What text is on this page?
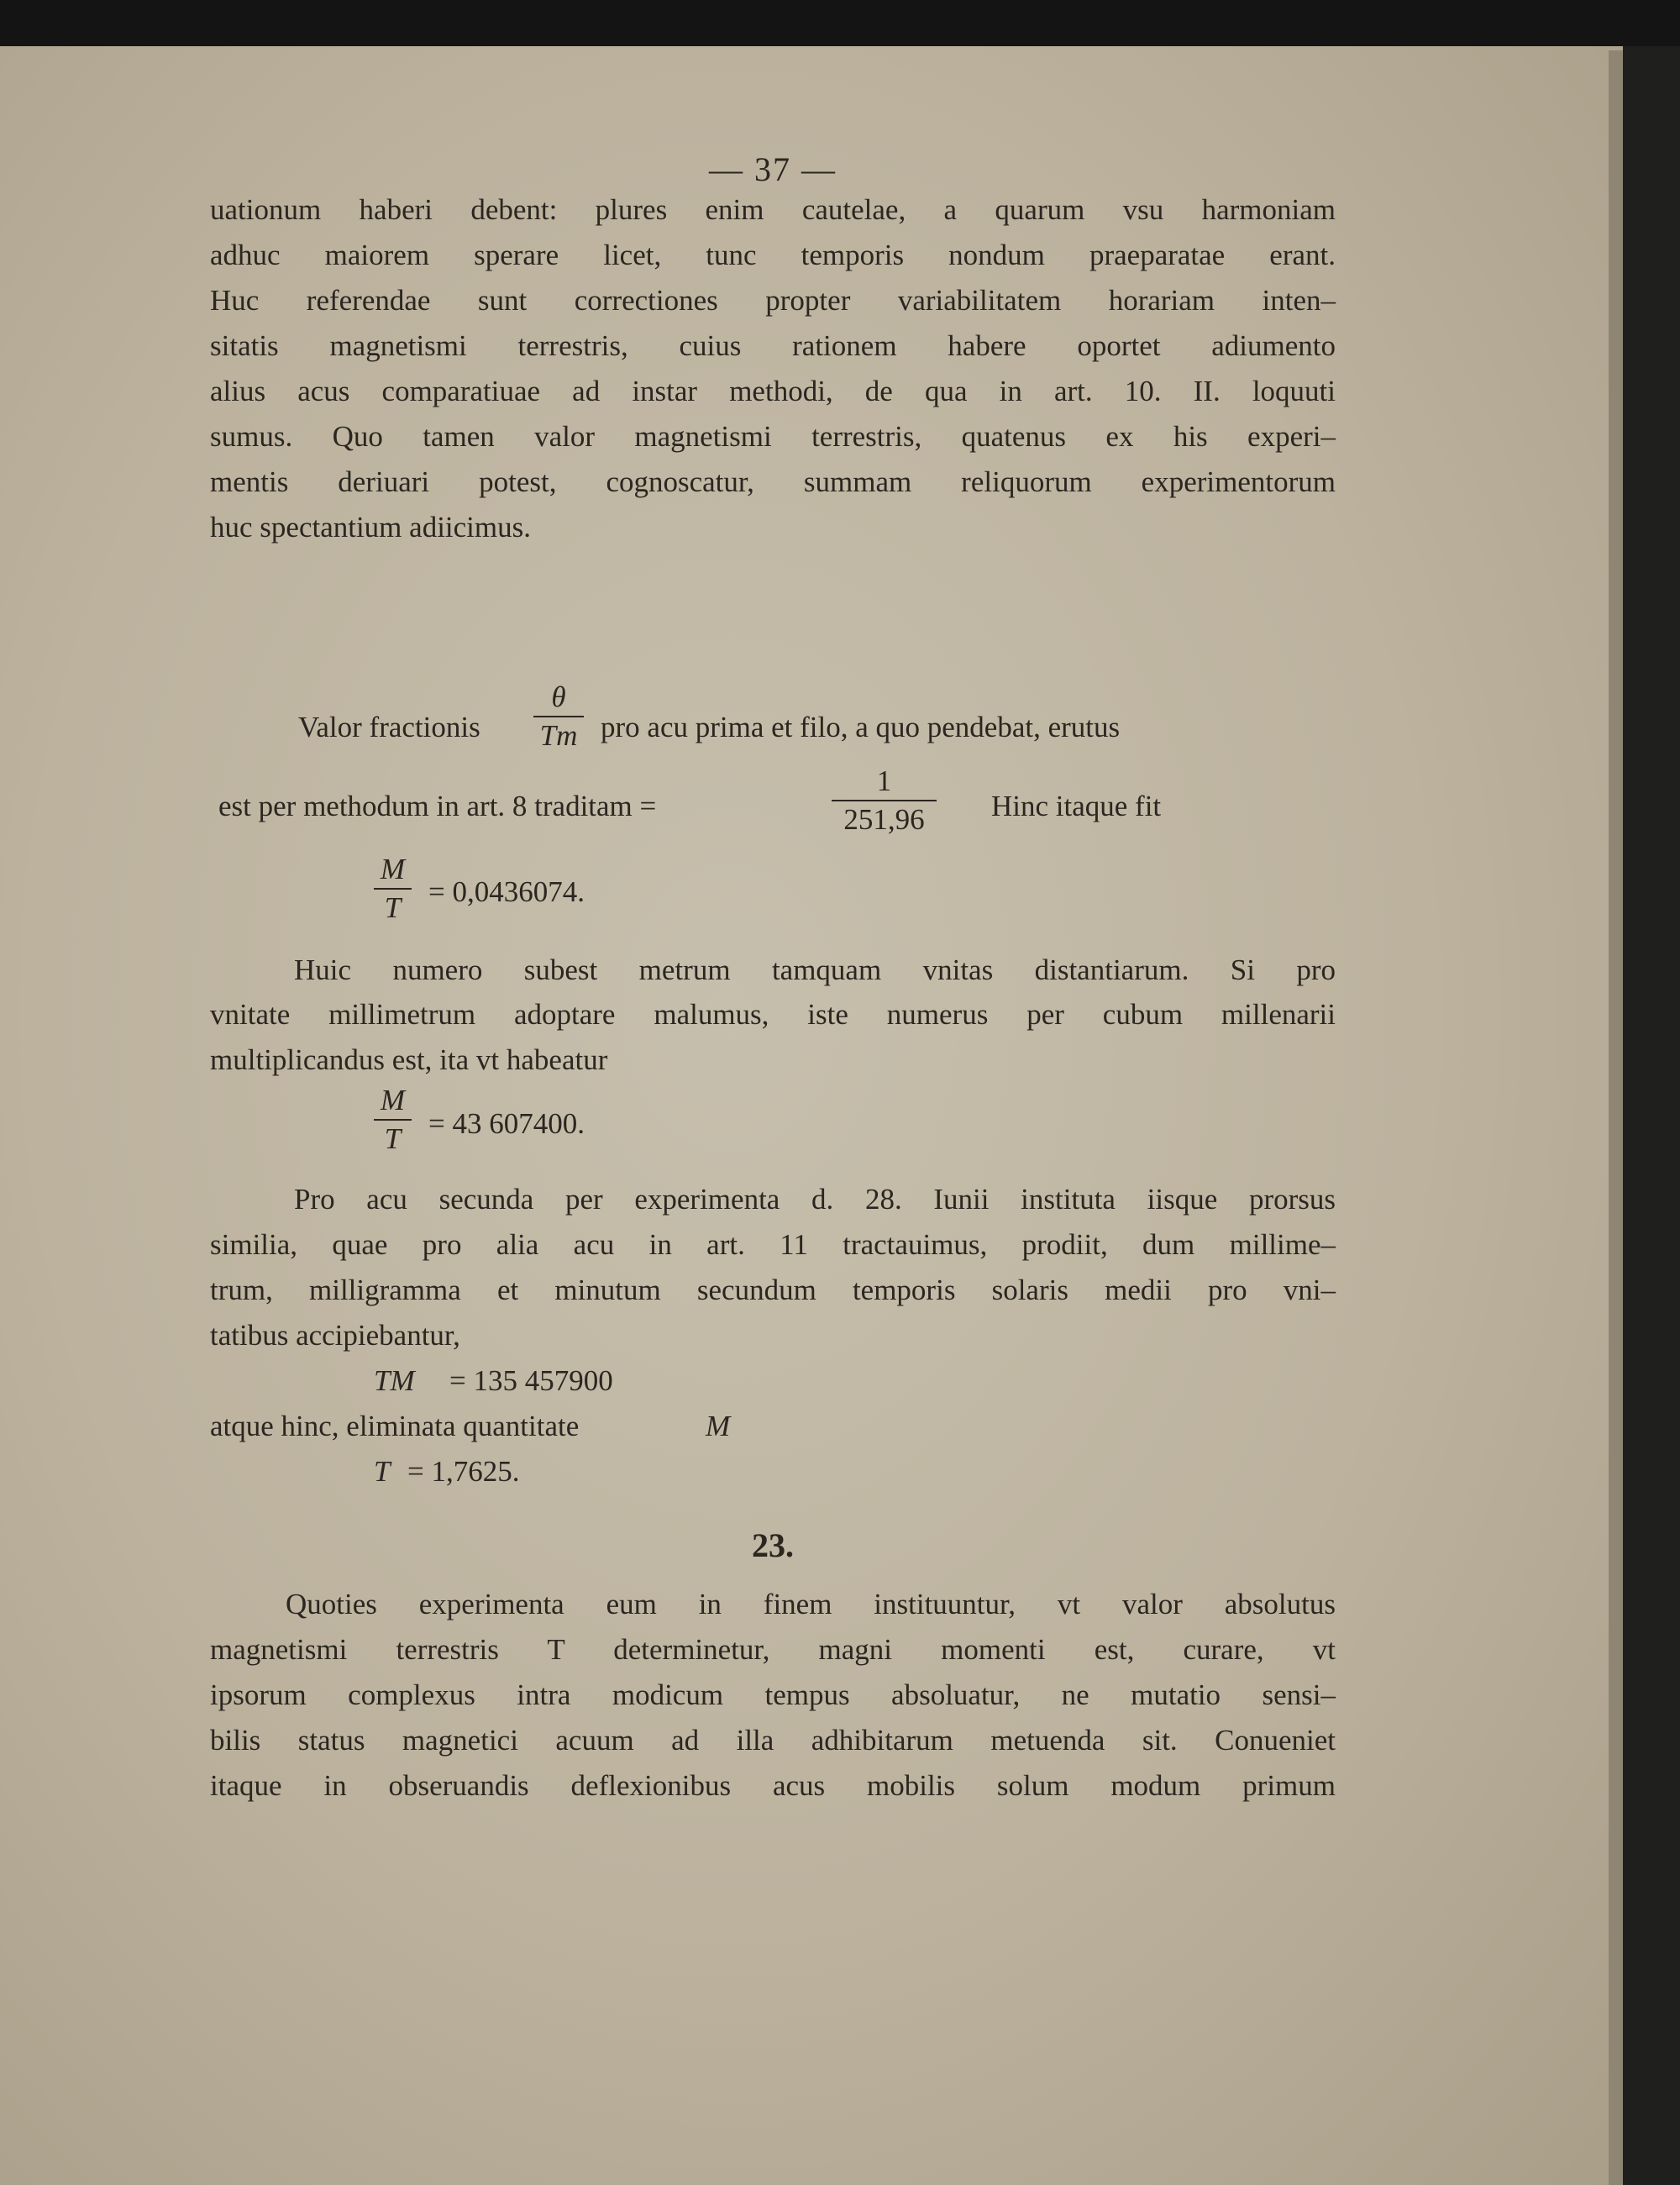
— 37 —
uationum haberi debent: plures enim cautelae, a quarum vsu harmoniam
adhuc maiorem sperare licet, tunc temporis nondum praeparatae erant.
Huc referendae sunt correctiones propter variabilitatem horariam inten–
sitatis magnetismi terrestris, cuius rationem habere oportet adiumento
alius acus comparatiuae ad instar methodi, de qua in art. 10. II. loquuti
sumus. Quo tamen valor magnetismi terrestris, quatenus ex his experi–
mentis deriuari potest, cognoscatur, summam reliquorum experimentorum
huc spectantium adiicimus.
Valor fractionis
θ
Tm pro acu prima et filo, a quo pendebat, erutus
est per methodum in art. 8 traditam =
1
251,96	Hinc itaque fit
M
T = 0,0436074.
Huic numero subest metrum tamquam vnitas distantiarum. Si pro
vnitate millimetrum adoptare malumus, iste numerus per cubum millenarii
multiplicandus est, ita vt habeatur
M
T = 43 607400.
Pro acu secunda per experimenta d. 28. Iunii instituta iisque prorsus
similia, quae pro alia acu in art. 11 tractauimus, prodiit, dum millime–
trum, milligramma et minutum secundum temporis solaris medii pro vni–
tatibus accipiebantur,
TM = 135 457900
atque hinc, eliminata quantitate	M
T = 1,7625.
23.
Quoties experimenta eum in finem instituuntur, vt valor absolutus
magnetismi terrestris T determinetur, magni momenti est, curare, vt
ipsorum complexus intra modicum tempus absoluatur, ne mutatio sensi–
bilis status magnetici acuum ad illa adhibitarum metuenda sit. Conueniet
itaque in obseruandis deflexionibus acus mobilis solum modum primum
